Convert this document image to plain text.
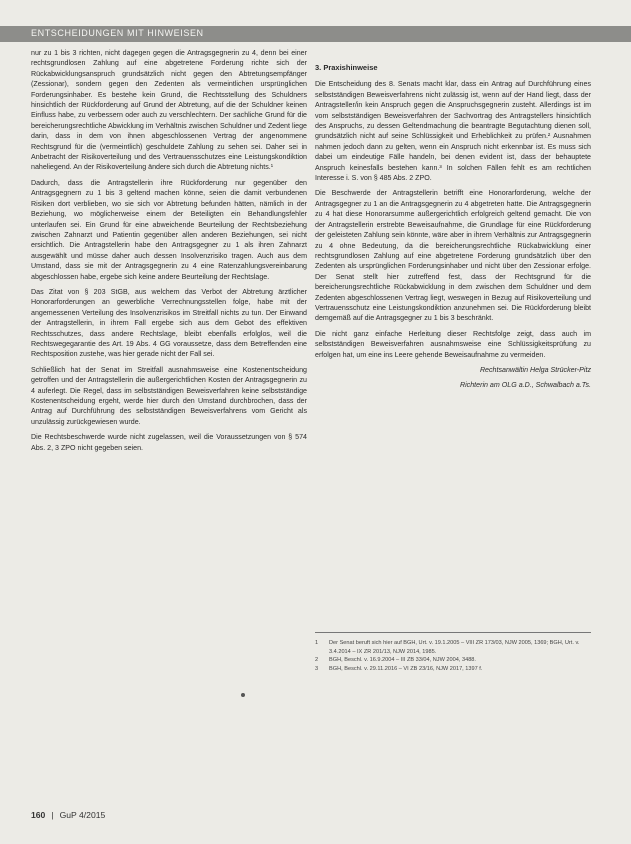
ENTSCHEIDUNGEN MIT HINWEISEN

nur zu 1 bis 3 richten, nicht dagegen gegen die Antragsgegnerin zu 4, denn bei einer rechtsgrundlosen Zahlung auf eine abgetretene Forderung richte sich der Rückabwicklungsanspruch grundsätzlich nicht gegen den Abtretungsempfänger (Zessionar), sondern gegen den Zedenten als vermeintlichen ursprünglichen Forderungsinhaber. Es bestehe kein Grund, die Rechtsstellung des Schuldners hinsichtlich der Rückforderung auf Grund der Abtretung, auf die der Schuldner keinen Einfluss habe, zu verbessern oder auch zu verschlechtern. Der sachliche Grund für die bereicherungsrechtliche Abwicklung im Verhältnis zwischen Schuldner und Zedent liege darin, dass in dem von ihnen abgeschlossenen Vertrag der angenommene Rechtsgrund für die (vermeintlich) geschuldete Zahlung zu sehen sei. Daher sei in Anbetracht der Risikoverteilung und des Vertrauensschutzes eine Leistungskondiktion naheliegend. An der Risikoverteilung ändere sich durch die Abtretung nichts.¹

Dadurch, dass die Antragstellerin ihre Rückforderung nur gegenüber den Antragsgegnern zu 1 bis 3 geltend machen könne, seien die damit verbundenen Risiken dort verblieben, wo sie sich vor Abtretung befunden hätten, nämlich in der Beziehung, wo möglicherweise einem der Beteiligten ein Behandlungsfehler unterlaufen sei. Ein Grund für eine abweichende Beurteilung der Rechtsbeziehung zwischen Zahnarzt und Patientin gegenüber allen anderen Beziehungen, sei nicht ersichtlich. Die Antragstellerin habe den Antragsgegner zu 1 als ihren Zahnarzt ausgewählt und müsse daher auch dessen Insolvenzrisiko tragen. Auch aus dem Umstand, dass sie mit der Antragsgegnerin zu 4 eine Ratenzahlungsvereinbarung abgeschlossen habe, ergebe sich keine andere Beurteilung der Rechtslage.

Das Zitat von § 203 StGB, aus welchem das Verbot der Abtretung ärztlicher Honorarforderungen an gewerbliche Verrechnungsstellen folge, habe mit der angemessenen Verteilung des Insolvenzrisikos im Streitfall nichts zu tun. Der Einwand der Antragstellerin, in ihrem Fall ergebe sich aus dem Gebot des effektiven Rechtsschutzes, dass andere Rechtslage, bleibt ebenfalls erfolglos, weil die Rechtswegegarantie des Art. 19 Abs. 4 GG voraussetze, dass dem Betreffenden eine Rechtsposition zustehe, was hier gerade nicht der Fall sei.

Schließlich hat der Senat im Streitfall ausnahmsweise eine Kostenentscheidung getroffen und der Antragstellerin die außergerichtlichen Kosten der Antragsgegnerin zu 4 auferlegt. Die Regel, dass im selbstständigen Beweisverfahren keine selbstständige Kostenentscheidung ergeht, werde hier durch den Umstand durchbrochen, dass der Antrag auf Durchführung des selbstständigen Beweisverfahrens vom Gericht als unzulässig zurückgewiesen wurde.

Die Rechtsbeschwerde wurde nicht zugelassen, weil die Voraussetzungen von § 574 Abs. 2, 3 ZPO nicht gegeben seien.

3. Praxishinweise

Die Entscheidung des 8. Senats macht klar, dass ein Antrag auf Durchführung eines selbstständigen Beweisverfahrens nicht zulässig ist, wenn auf der Hand liegt, dass der Antragsteller/in kein Anspruch gegen die Anspruchsgegnerin zusteht. Allerdings ist im vom selbstständigen Beweisverfahren der Sachvortrag des Antragstellers hinsichtlich des Anspruchs, zu dessen Geltendmachung die beantragte Begutachtung dienen soll, grundsätzlich nicht auf seine Schlüssigkeit und Erheblichkeit zu prüfen.² Ausnahmen nahmen jedoch dann zu gelten, wenn ein Anspruch nicht erkennbar ist. Es muss sich dabei um eindeutige Fälle handeln, bei denen evident ist, dass der behauptete Anspruch keinesfalls bestehen kann.³ In solchen Fällen fehlt es am rechtlichen Interesse i. S. von § 485 Abs. 2 ZPO.

Die Beschwerde der Antragstellerin betrifft eine Honorarforderung, welche der Antragsgegner zu 1 an die Antragsgegnerin zu 4 abgetreten hatte. Die Antragsgegnerin zu 4 hat diese Honorarsumme außergerichtlich erfolgreich geltend gemacht. Die von der Antragstellerin erstrebte Beweisaufnahme, die Grundlage für eine Rückforderung der geleisteten Zahlung sein könnte, wäre aber in ihrem Verhältnis zur Antragsgegnerin zu 4 ohne Bedeutung, da die bereicherungsrechtliche Rückabwicklung einer rechtsgrundlosen Zahlung auf eine abgetretene Forderung grundsätzlich über den Zedenten als ursprünglichen Forderungsinhaber und nicht über den Zessionar erfolge. Der Senat stellt hier zutreffend fest, dass der Rechtsgrund für die bereicherungsrechtliche Rückabwicklung in dem zwischen dem Schuldner und dem Zedenten abgeschlossenen Vertrag liegt, weswegen in Bezug auf Risikoverteilung und Vertrauensschutz eine Leistungskondiktion anzunehmen sei. Die Rückforderung bleibt demgemäß auf die Antragsgegner zu 1 bis 3 beschränkt.

Die nicht ganz einfache Herleitung dieser Rechtsfolge zeigt, dass auch im selbstständigen Beweisverfahren ausnahmsweise eine Schlüssigkeitsprüfung zu erfolgen hat, um eine ins Leere gehende Beweisaufnahme zu vermeiden.

Rechtsanwältin Helga Strücker-Pitz

Richterin am OLG a.D., Schwalbach a.Ts.

1	Der Senat beruft sich hier auf BGH, Urt. v. 19.1.2005 – VIII ZR 173/03, NJW 2005, 1369; BGH, Urt. v. 3.4.2014 – IX ZR 201/13, NJW 2014, 1985.
2	BGH, Beschl. v. 16.9.2004 – III ZB 33/04, NJW 2004, 3488.
3	BGH, Beschl. v. 29.11.2016 – VI ZB 23/16, NJW 2017, 1397 f.
160 | GuP 4/2015
